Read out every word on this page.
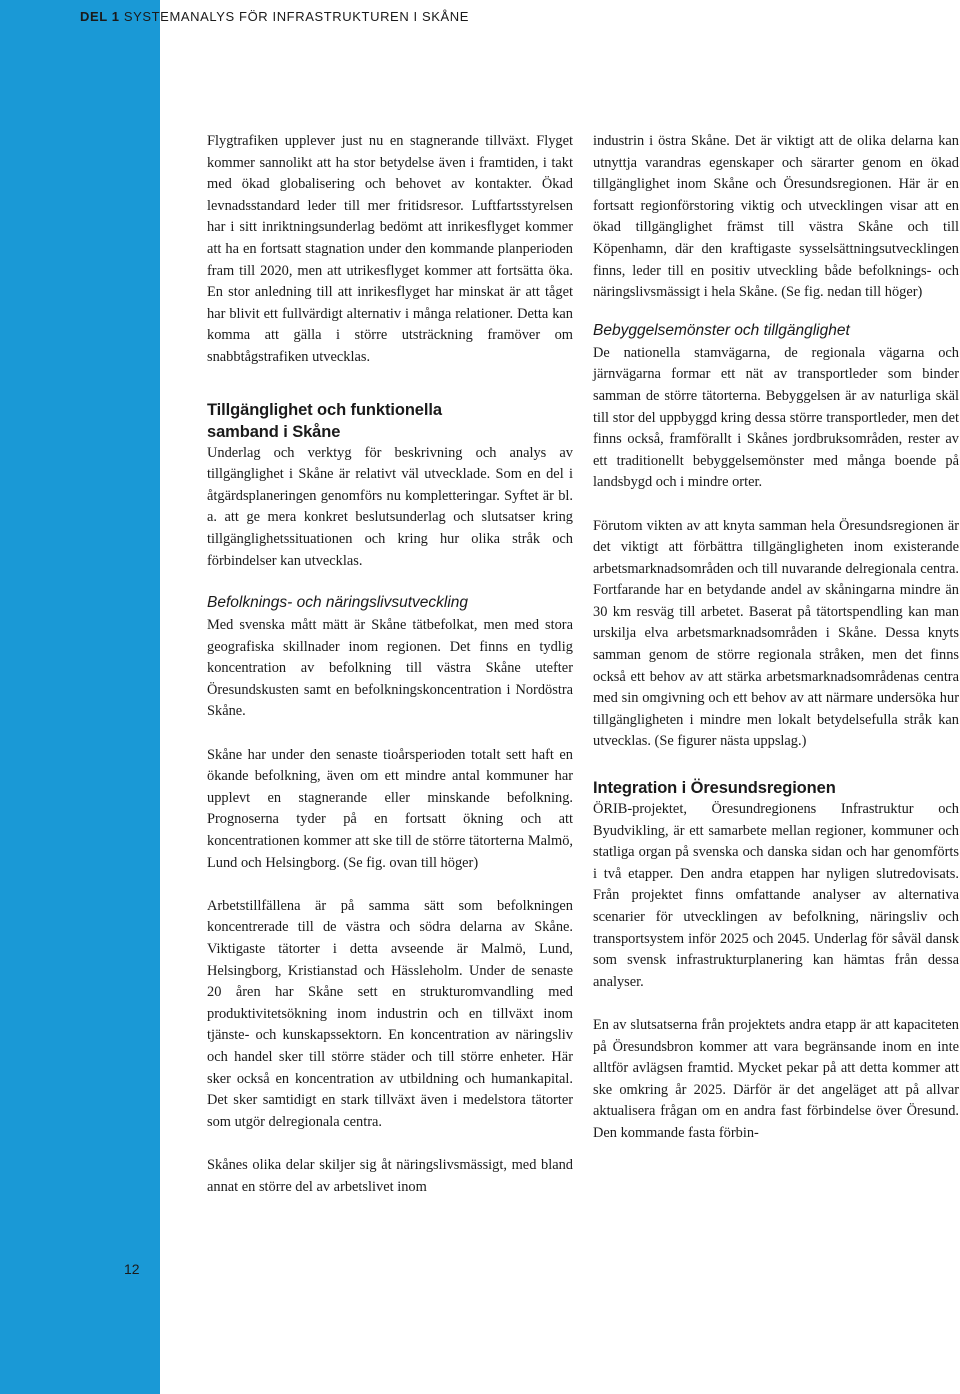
DEL 1 SYSTEMANALYS FÖR INFRASTRUKTUREN I SKÅNE
12

Flygtrafiken upplever just nu en stagnerande tillväxt. Flyget kommer sannolikt att ha stor betydelse även i framtiden, i takt med ökad globalisering och behovet av kontakter. Ökad levnadsstandard leder till mer fritidsresor. Luftfartsstyrelsen har i sitt inriktningsunderlag bedömt att inrikesflyget kommer att ha en fortsatt stagnation under den kommande planperioden fram till 2020, men att utrikesflyget kommer att fortsätta öka. En stor anledning till att inrikesflyget har minskat är att tåget har blivit ett fullvärdigt alternativ i många relationer. Detta kan komma att gälla i större utsträckning framöver om snabbtågstrafiken utvecklas.

Tillgänglighet och funktionella
samband i Skåne

Underlag och verktyg för beskrivning och analys av tillgänglighet i Skåne är relativt väl utvecklade. Som en del i åtgärdsplaneringen genomförs nu kompletteringar. Syftet är bl. a. att ge mera konkret beslutsunderlag och slutsatser kring tillgänglighetssituationen och kring hur olika stråk och förbindelser kan utvecklas.

Befolknings- och näringslivsutveckling

Med svenska mått mätt är Skåne tätbefolkat, men med stora geografiska skillnader inom regionen. Det finns en tydlig koncentration av befolkning till västra Skåne utefter Öresundskusten samt en befolkningskoncentration i Nordöstra Skåne.

Skåne har under den senaste tioårsperioden totalt sett haft en ökande befolkning, även om ett mindre antal kommuner har upplevt en stagnerande eller minskande befolkning. Prognoserna tyder på en fortsatt ökning och att koncentrationen kommer att ske till de större tätorterna Malmö, Lund och Helsingborg. (Se fig. ovan till höger)

Arbetstillfällena är på samma sätt som befolkningen koncentrerade till de västra och södra delarna av Skåne. Viktigaste tätorter i detta avseende är Malmö, Lund, Helsingborg, Kristianstad och Hässleholm. Under de senaste 20 åren har Skåne sett en strukturomvandling med produktivitetsökning inom industrin och en tillväxt inom tjänste- och kunskapssektorn. En koncentration av näringsliv och handel sker till större städer och till större enheter. Här sker också en koncentration av utbildning och humankapital. Det sker samtidigt en stark tillväxt även i medelstora tätorter som utgör delregionala centra.

Skånes olika delar skiljer sig åt näringslivsmässigt, med bland annat en större del av arbetslivet inom

industrin i östra Skåne. Det är viktigt att de olika delarna kan utnyttja varandras egenskaper och särarter genom en ökad tillgänglighet inom Skåne och Öresundsregionen. Här är en fortsatt regionförstoring viktig och utvecklingen visar att en ökad tillgänglighet främst till västra Skåne och till Köpenhamn, där den kraftigaste sysselsättningsutvecklingen finns, leder till en positiv utveckling både befolknings- och näringslivsmässigt i hela Skåne. (Se fig. nedan till höger)

Bebyggelsemönster och tillgänglighet

De nationella stamvägarna, de regionala vägarna och järnvägarna formar ett nät av transportleder som binder samman de större tätorterna. Bebyggelsen är av naturliga skäl till stor del uppbyggd kring dessa större transportleder, men det finns också, framförallt i Skånes jordbruksområden, rester av ett traditionellt bebyggelsemönster med många boende på landsbygd och i mindre orter.

Förutom vikten av att knyta samman hela Öresundsregionen är det viktigt att förbättra tillgängligheten inom existerande arbetsmarknadsområden och till nuvarande delregionala centra. Fortfarande har en betydande andel av skåningarna mindre än 30 km resväg till arbetet. Baserat på tätortspendling kan man urskilja elva arbetsmarknadsområden i Skåne. Dessa knyts samman genom de större regionala stråken, men det finns också ett behov av att stärka arbetsmarknadsområdenas centra med sin omgivning och ett behov av att närmare undersöka hur tillgängligheten i mindre men lokalt betydelsefulla stråk kan utvecklas. (Se figurer nästa uppslag.)

Integration i Öresundsregionen

ÖRIB-projektet, Öresundregionens Infrastruktur och Byudvikling, är ett samarbete mellan regioner, kommuner och statliga organ på svenska och danska sidan och har genomförts i två etapper. Den andra etappen har nyligen slutredovisats. Från projektet finns omfattande analyser av alternativa scenarier för utvecklingen av befolkning, näringsliv och transportsystem inför 2025 och 2045. Underlag för såväl dansk som svensk infrastrukturplanering kan hämtas från dessa analyser.

En av slutsatserna från projektets andra etapp är att kapaciteten på Öresundsbron kommer att vara begränsande inom en inte alltför avlägsen framtid. Mycket pekar på att detta kommer att ske omkring år 2025. Därför är det angeläget att på allvar aktualisera frågan om en andra fast förbindelse över Öresund. Den kommande fasta förbin-
